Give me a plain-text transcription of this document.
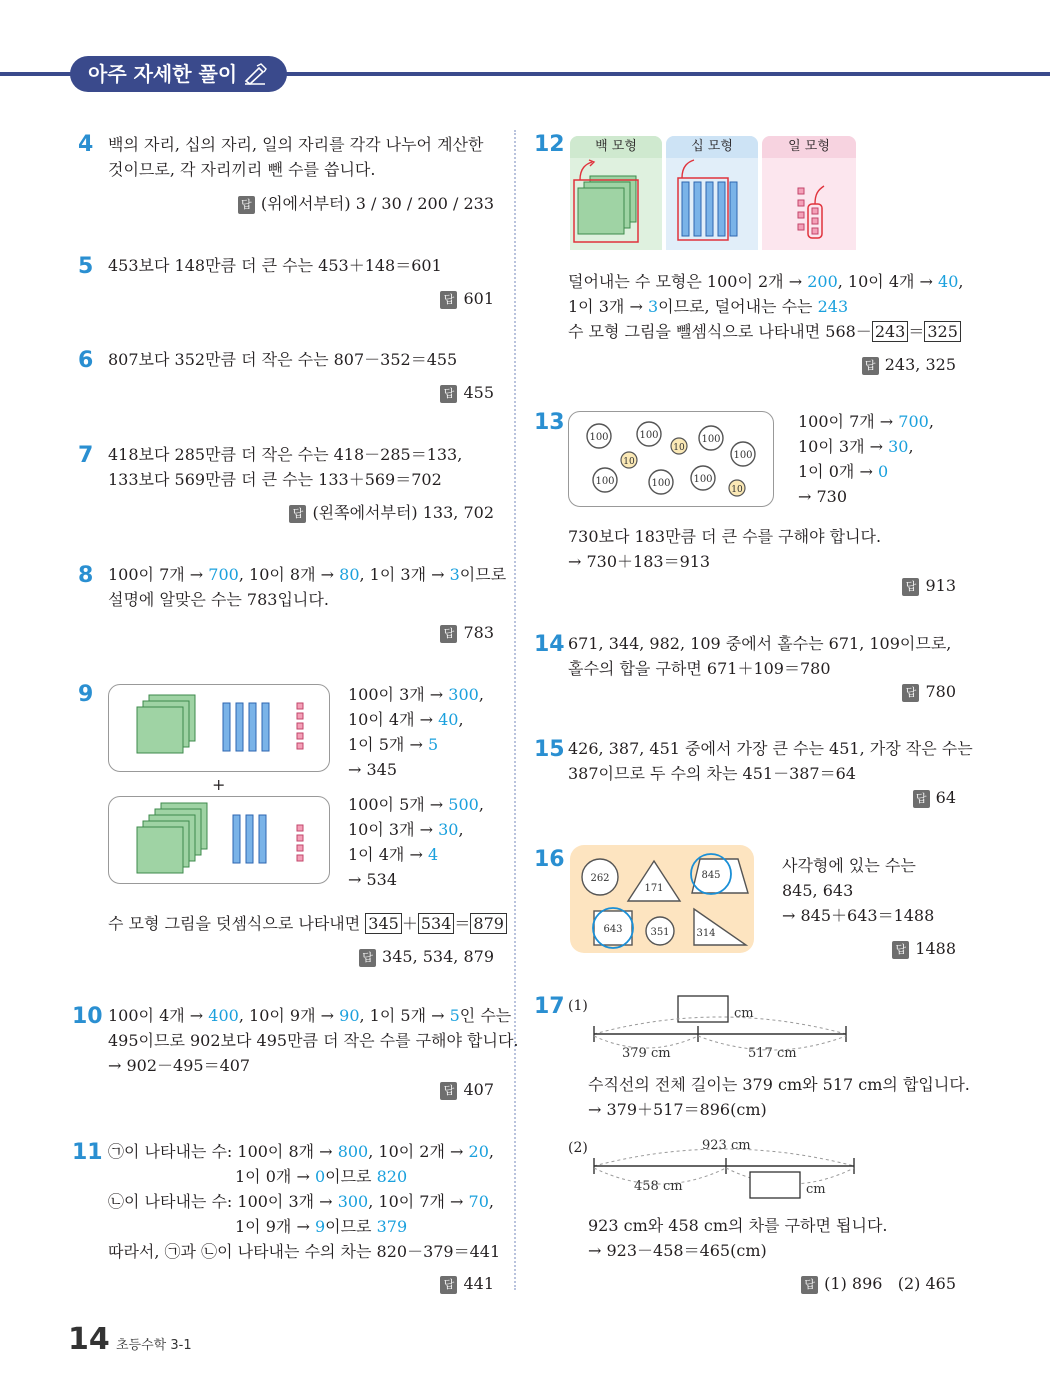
아주 자세한 풀이
4 백의 자리, 십의 자리, 일의 자리를 각각 나누어 계산한
것이므로, 각 자리끼리 뺀 수를 씁니다.
답 (위에서부터) 3 / 30 / 200 / 233
5 453보다 148만큼 더 큰 수는 453＋148＝601
답 601
6 807보다 352만큼 더 작은 수는 807－352＝455
답 455
7 418보다 285만큼 더 작은 수는 418－285＝133,
133보다 569만큼 더 큰 수는 133＋569＝702
답 (왼쪽에서부터) 133, 702
8 100이 7개 → 700, 10이 8개 → 80, 1이 3개 → 3이므로
설명에 알맞은 수는 783입니다.
답 783
9	100이 3개 → 300,
10이 4개 → 40,
1이 5개 → 5
→ 345
+
100이 5개 → 500,
10이 3개 → 30,
1이 4개 → 4
→ 534
수 모형 그림을 덧셈식으로 나타내면 345 ＋ 534 ＝ 879
답 345, 534, 879
10 100이 4개 → 400, 10이 9개 → 90, 1이 5개 → 5인 수는
495이므로 902보다 495만큼 더 작은 수를 구해야 합니다.
→ 902－495＝407
답 407
11 ㉠이 나타내는 수: 100이 8개 → 800, 10이 2개 → 20,
1이 0개 → 0이므로 820
㉡이 나타내는 수: 100이 3개 → 300, 10이 7개 → 70,
1이 9개 → 9이므로 379
따라서, ㉠과 ㉡이 나타내는 수의 차는 820－379＝441
답 441
12	백 모형	십 모형	일 모형
덜어내는 수 모형은 100이 2개 → 200, 10이 4개 → 40,
1이 3개 → 3이므로, 덜어내는 수는 243
수 모형 그림을 뺄셈식으로 나타내면 568－ 243 ＝ 325
답 243, 325
13
100	100	100
100
100	100 100
10
10
10
100이 7개 → 700,
10이 3개 → 30,
1이 0개 → 0
→ 730
730보다 183만큼 더 큰 수를 구해야 합니다.
→ 730＋183＝913
답 913
14 671, 344, 982, 109 중에서 홀수는 671, 109이므로,
홀수의 합을 구하면 671＋109＝780
답 780
15 426, 387, 451 중에서 가장 큰 수는 451, 가장 작은 수는
387이므로 두 수의 차는 451－387＝64
답 64
16
262
171
845
643	351	314
사각형에 있는 수는
845, 643
→ 845＋643＝1488
답 1488
17 (1)	cm
379 cm	517 cm
수직선의 전체 길이는 379 cm와 517 cm의 합입니다.
→ 379＋517＝896(cm)
(2)	923 cm
458 cm	cm
923 cm와 458 cm의 차를 구하면 됩니다.
→ 923－458＝465(cm)
답 (1) 896   (2) 465
14 초등수학 3-1
